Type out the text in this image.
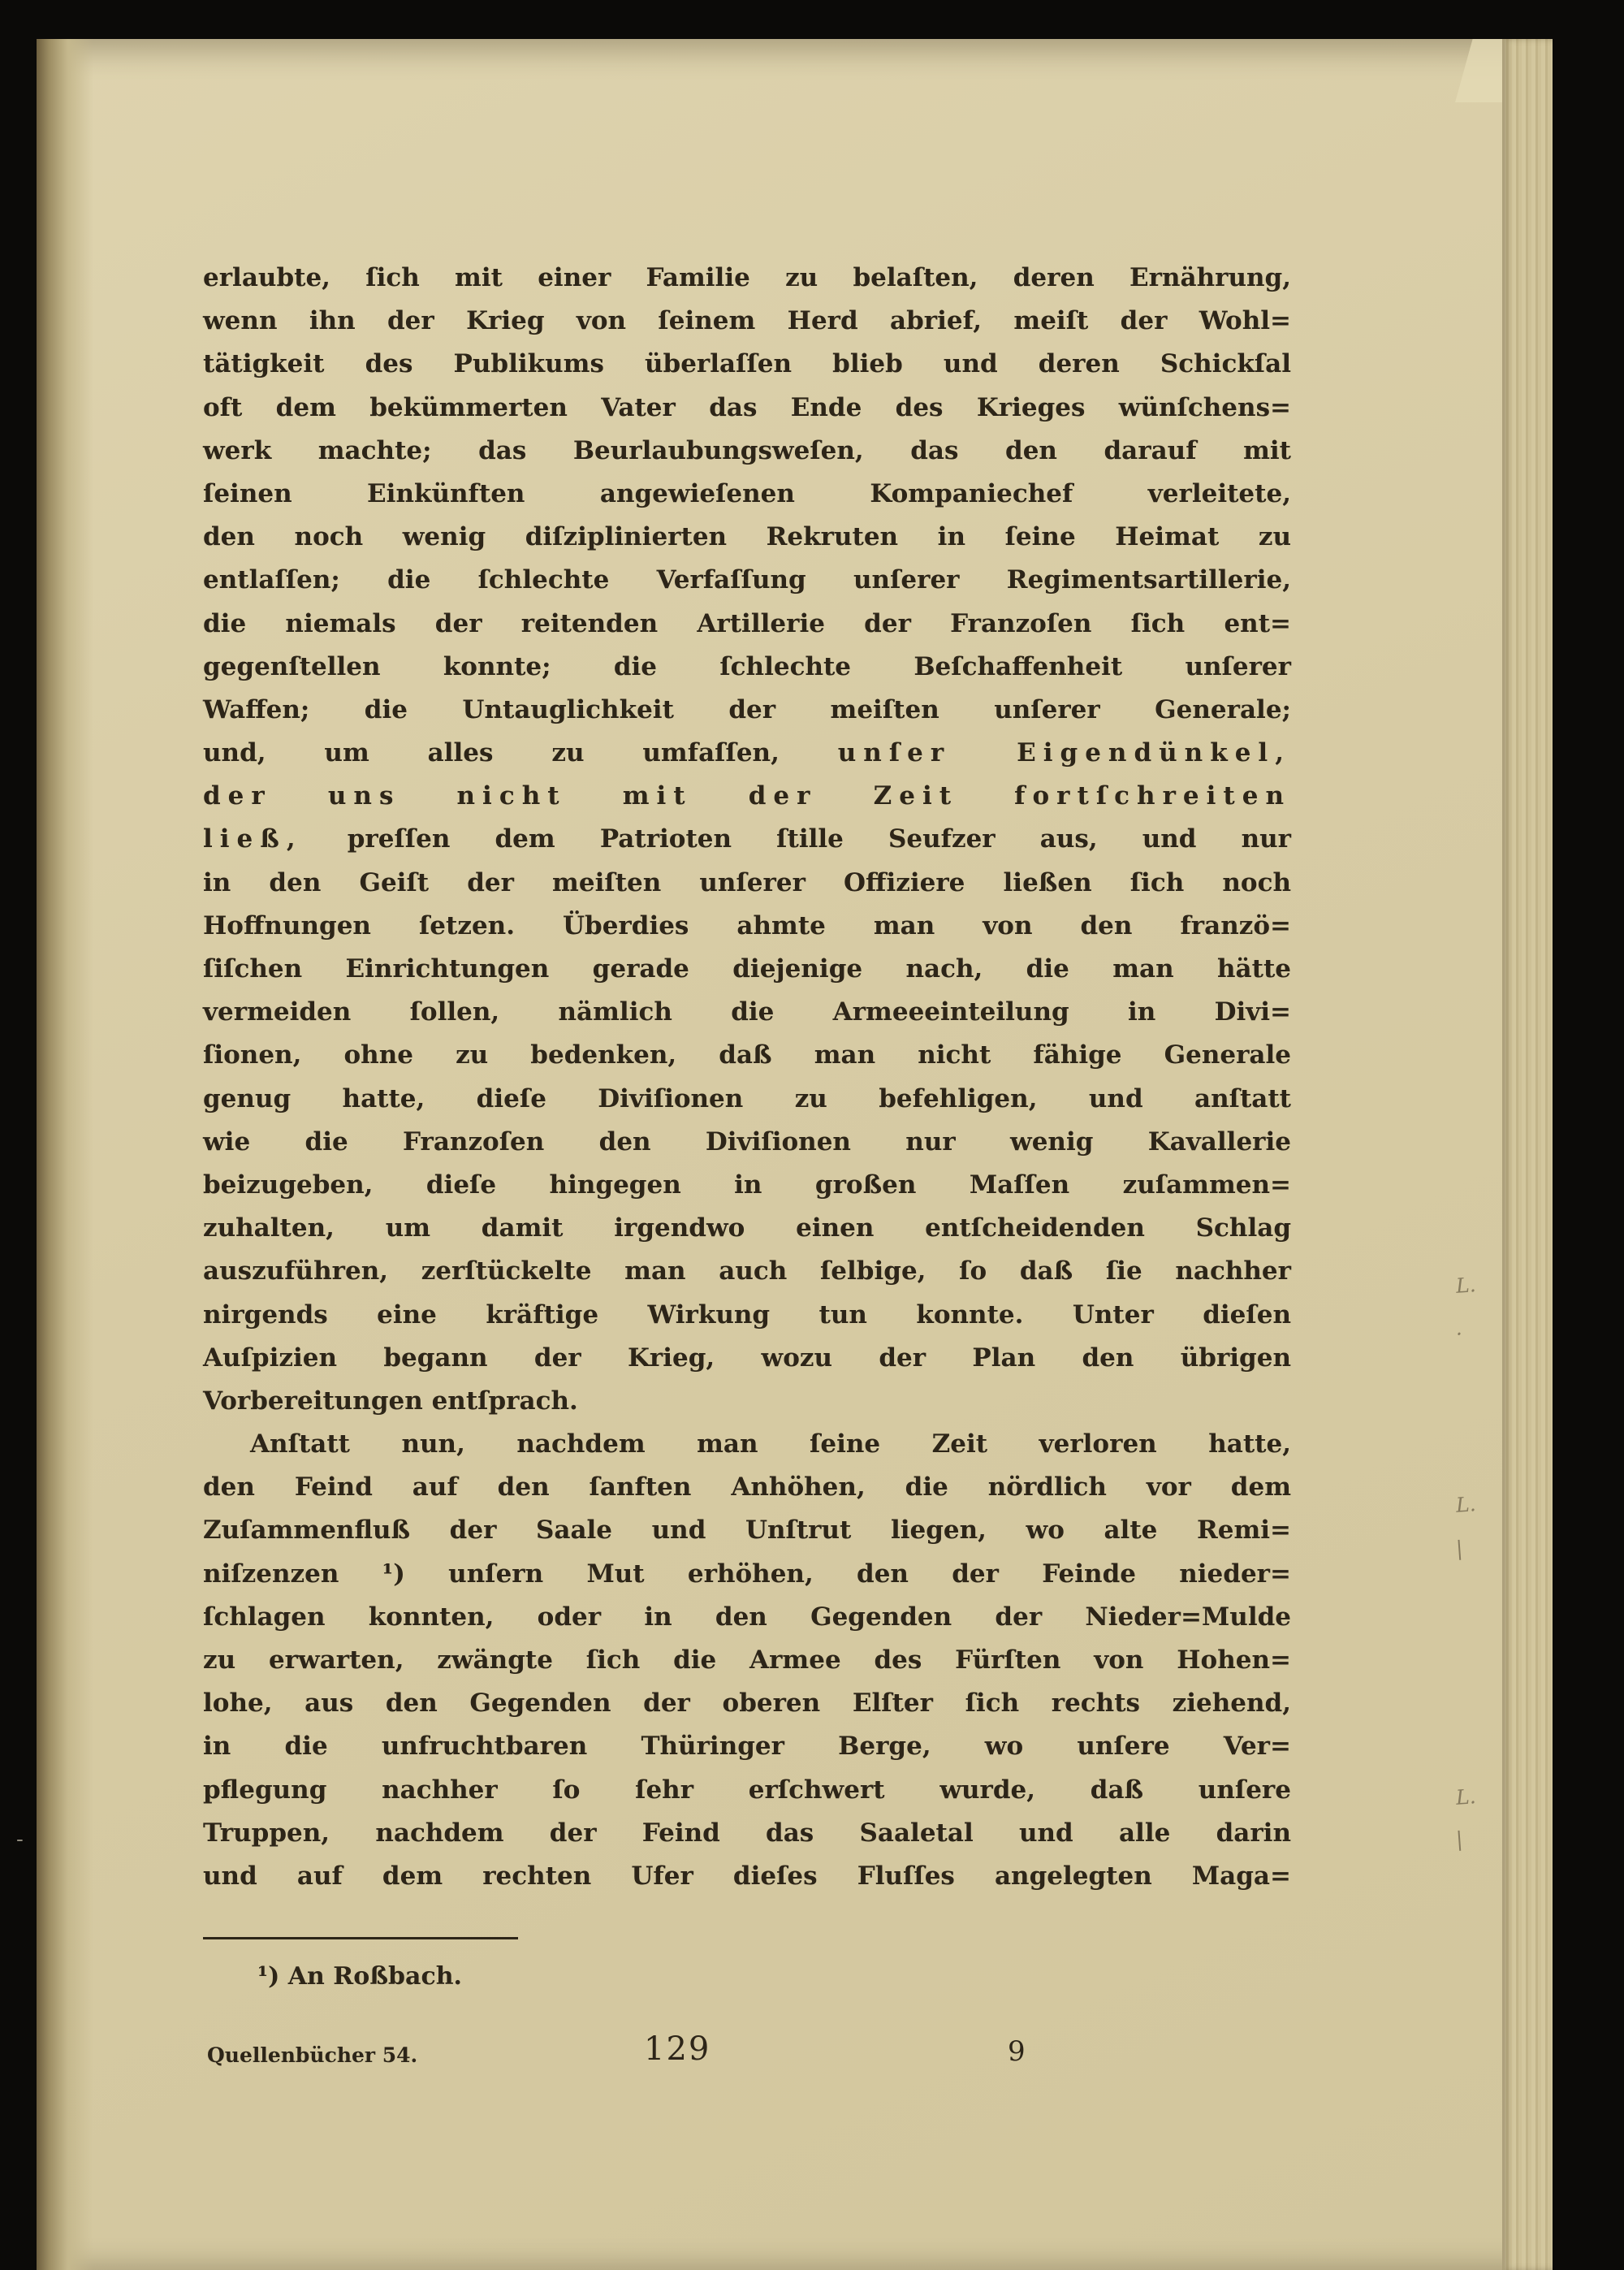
-
erlaubte, ſich mit einer Familie zu belaſten, deren Ernährung,
wenn ihn der Krieg von ſeinem Herd abrief, meiſt der Wohl=
tätigkeit des Publikums überlaſſen blieb und deren Schickſal
oft dem bekümmerten Vater das Ende des Krieges wünſchens=
werk machte; das Beurlaubungsweſen, das den darauf mit
ſeinen Einkünften angewieſenen Kompaniechef verleitete,
den noch wenig diſziplinierten Rekruten in ſeine Heimat zu
entlaſſen; die ſchlechte Verfaſſung unſerer Regimentsartillerie,
die niemals der reitenden Artillerie der Franzoſen ſich ent=
gegenſtellen konnte; die ſchlechte Beſchaffenheit unſerer
Waffen; die Untauglichkeit der meiſten unſerer Generale;
und, um alles zu umfaſſen, unſer Eigendünkel,
der uns nicht mit der Zeit fortſchreiten
ließ, preſſen dem Patrioten ſtille Seufzer aus, und nur
in den Geiſt der meiſten unſerer Offiziere ließen ſich noch
Hoffnungen ſetzen. Überdies ahmte man von den franzö=
ſiſchen Einrichtungen gerade diejenige nach, die man hätte
vermeiden ſollen, nämlich die Armeeeinteilung in Divi=
ſionen, ohne zu bedenken, daß man nicht fähige Generale
genug hatte, dieſe Diviſionen zu befehligen, und anſtatt
wie die Franzoſen den Diviſionen nur wenig Kavallerie
beizugeben, dieſe hingegen in großen Maſſen zuſammen=
zuhalten, um damit irgendwo einen entſcheidenden Schlag
auszuführen, zerſtückelte man auch ſelbige, ſo daß ſie nachher
nirgends eine kräftige Wirkung tun konnte. Unter dieſen
Auſpizien begann der Krieg, wozu der Plan den übrigen
Vorbereitungen entſprach.
Anſtatt nun, nachdem man ſeine Zeit verloren hatte,
den Feind auf den ſanften Anhöhen, die nördlich vor dem
Zuſammenfluß der Saale und Unſtrut liegen, wo alte Remi=
niſzenzen ¹) unſern Mut erhöhen, den der Feinde nieder=
ſchlagen konnten, oder in den Gegenden der Nieder=Mulde
zu erwarten, zwängte ſich die Armee des Fürſten von Hohen=
lohe, aus den Gegenden der oberen Elſter ſich rechts ziehend,
in die unfruchtbaren Thüringer Berge, wo unſere Ver=
pflegung nachher ſo ſehr erſchwert wurde, daß unſere
Truppen, nachdem der Feind das Saaletal und alle darin
und auf dem rechten Ufer dieſes Fluſſes angelegten Maga=
¹) An Roßbach.
Quellenbücher 54.	129	9
L.
·
L.
|
L.
|
